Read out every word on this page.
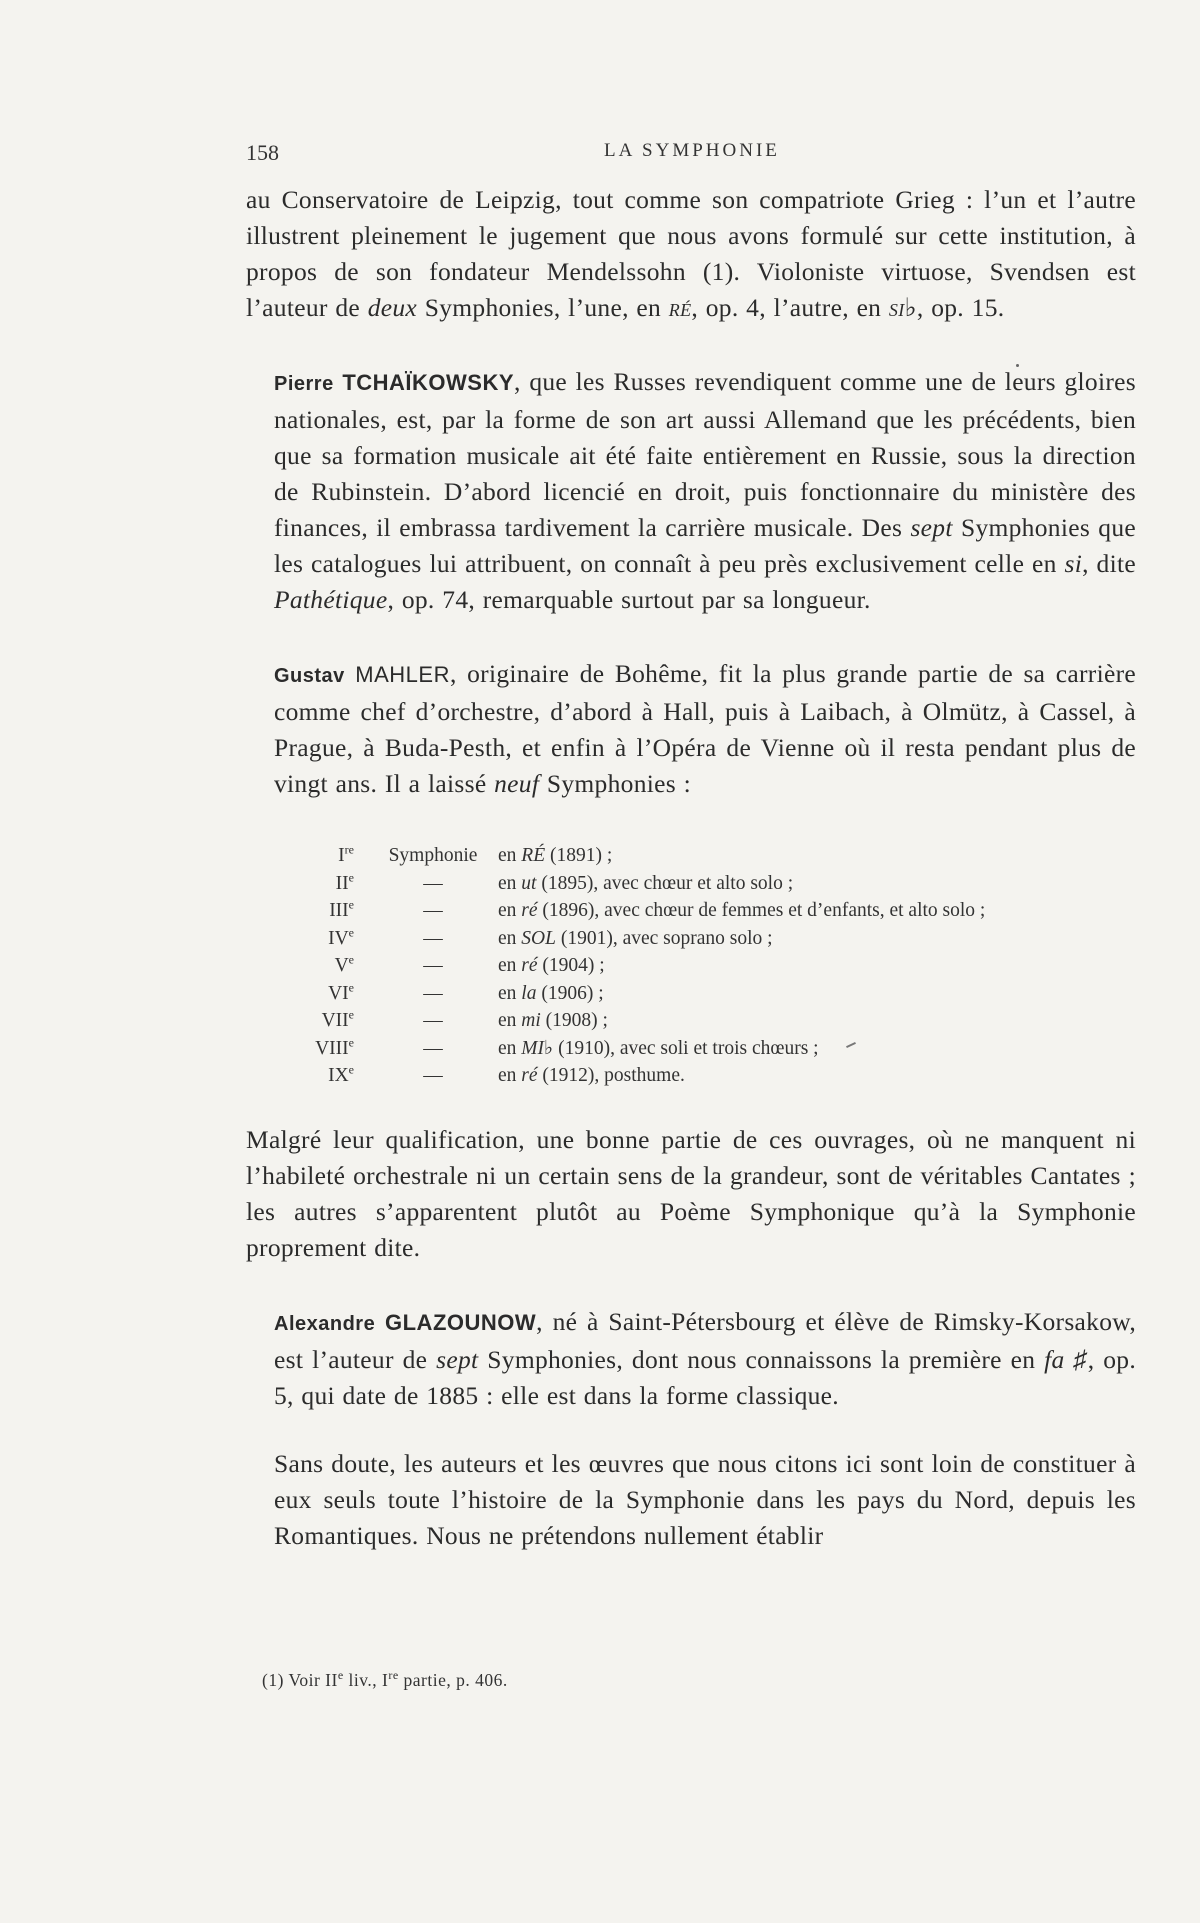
158	LA SYMPHONIE

au Conservatoire de Leipzig, tout comme son compatriote Grieg : l’un et l’autre illustrent pleinement le jugement que nous avons formulé sur cette institution, à propos de son fondateur Mendelssohn (1). Violoniste virtuose, Svendsen est l’auteur de deux Symphonies, l’une, en ré, op. 4, l’autre, en si♭, op. 15.

Pierre TCHAÏKOWSKY, que les Russes revendiquent comme une de leurs gloires nationales, est, par la forme de son art aussi Allemand que les précédents, bien que sa formation musicale ait été faite entièrement en Russie, sous la direction de Rubinstein. D’abord licencié en droit, puis fonctionnaire du ministère des finances, il embrassa tardivement la carrière musicale. Des sept Symphonies que les catalogues lui attribuent, on connaît à peu près exclusivement celle en si, dite Pathétique, op. 74, remarquable surtout par sa longueur.

Gustav MAHLER, originaire de Bohême, fit la plus grande partie de sa carrière comme chef d’orchestre, d’abord à Hall, puis à Laibach, à Olmütz, à Cassel, à Prague, à Buda-Pesth, et enfin à l’Opéra de Vienne où il resta pendant plus de vingt ans. Il a laissé neuf Symphonies :

Ire	Symphonie	en RÉ (1891) ;
IIe	—	en ut (1895), avec chœur et alto solo ;
IIIe	—	en ré (1896), avec chœur de femmes et d’enfants, et alto solo ;
IVe	—	en SOL (1901), avec soprano solo ;
Ve	—	en ré (1904) ;
VIe	—	en la (1906) ;
VIIe	—	en mi (1908) ;
VIIIe	—	en MI♭ (1910), avec soli et trois chœurs ;
IXe	—	en ré (1912), posthume.

Malgré leur qualification, une bonne partie de ces ouvrages, où ne manquent ni l’habileté orchestrale ni un certain sens de la grandeur, sont de véritables Cantates ; les autres s’apparentent plutôt au Poème Symphonique qu’à la Symphonie proprement dite.

Alexandre GLAZOUNOW, né à Saint-Pétersbourg et élève de Rimsky-Korsakow, est l’auteur de sept Symphonies, dont nous connaissons la première en fa ♯, op. 5, qui date de 1885 : elle est dans la forme classique.

Sans doute, les auteurs et les œuvres que nous citons ici sont loin de constituer à eux seuls toute l’histoire de la Symphonie dans les pays du Nord, depuis les Romantiques. Nous ne prétendons nullement établir

(1) Voir IIe liv., Ire partie, p. 406.
